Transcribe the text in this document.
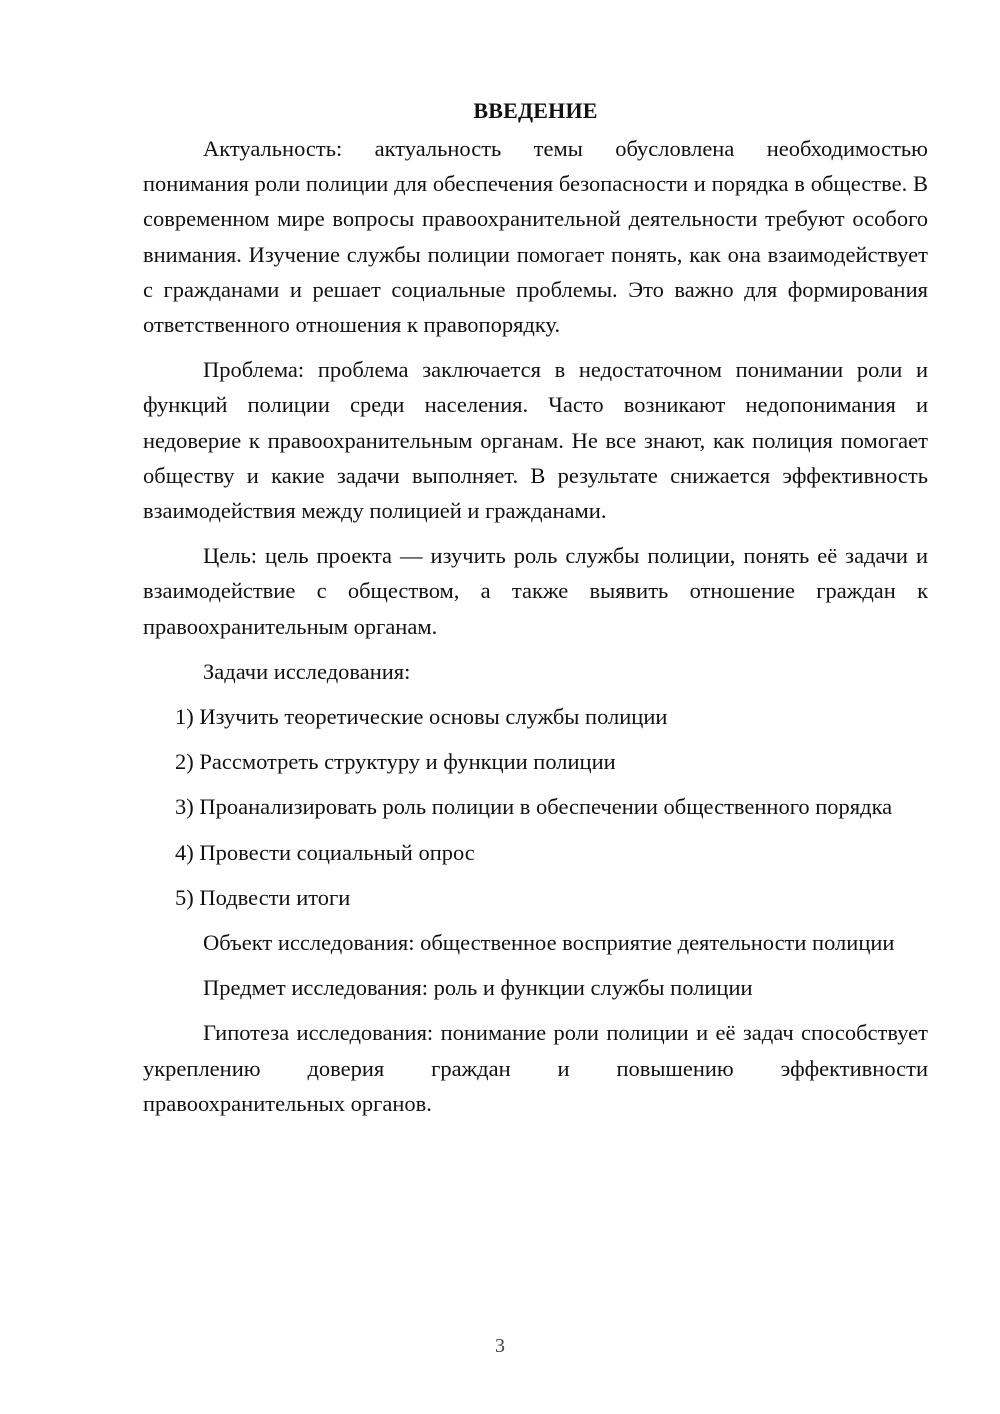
ВВЕДЕНИЕ

Актуальность: актуальность темы обусловлена необходимостью понимания роли полиции для обеспечения безопасности и порядка в обществе. В современном мире вопросы правоохранительной деятельности требуют особого внимания. Изучение службы полиции помогает понять, как она взаимодействует с гражданами и решает социальные проблемы. Это важно для формирования ответственного отношения к правопорядку.

Проблема: проблема заключается в недостаточном понимании роли и функций полиции среди населения. Часто возникают недопонимания и недоверие к правоохранительным органам. Не все знают, как полиция помогает обществу и какие задачи выполняет. В результате снижается эффективность взаимодействия между полицией и гражданами.

Цель: цель проекта — изучить роль службы полиции, понять её задачи и взаимодействие с обществом, а также выявить отношение граждан к правоохранительным органам.

Задачи исследования:

1) Изучить теоретические основы службы полиции

2) Рассмотреть структуру и функции полиции

3) Проанализировать роль полиции в обеспечении общественного порядка

4) Провести социальный опрос

5) Подвести итоги

Объект исследования: общественное восприятие деятельности полиции

Предмет исследования: роль и функции службы полиции

Гипотеза исследования: понимание роли полиции и её задач способствует укреплению доверия граждан и повышению эффективности правоохранительных органов.

3
